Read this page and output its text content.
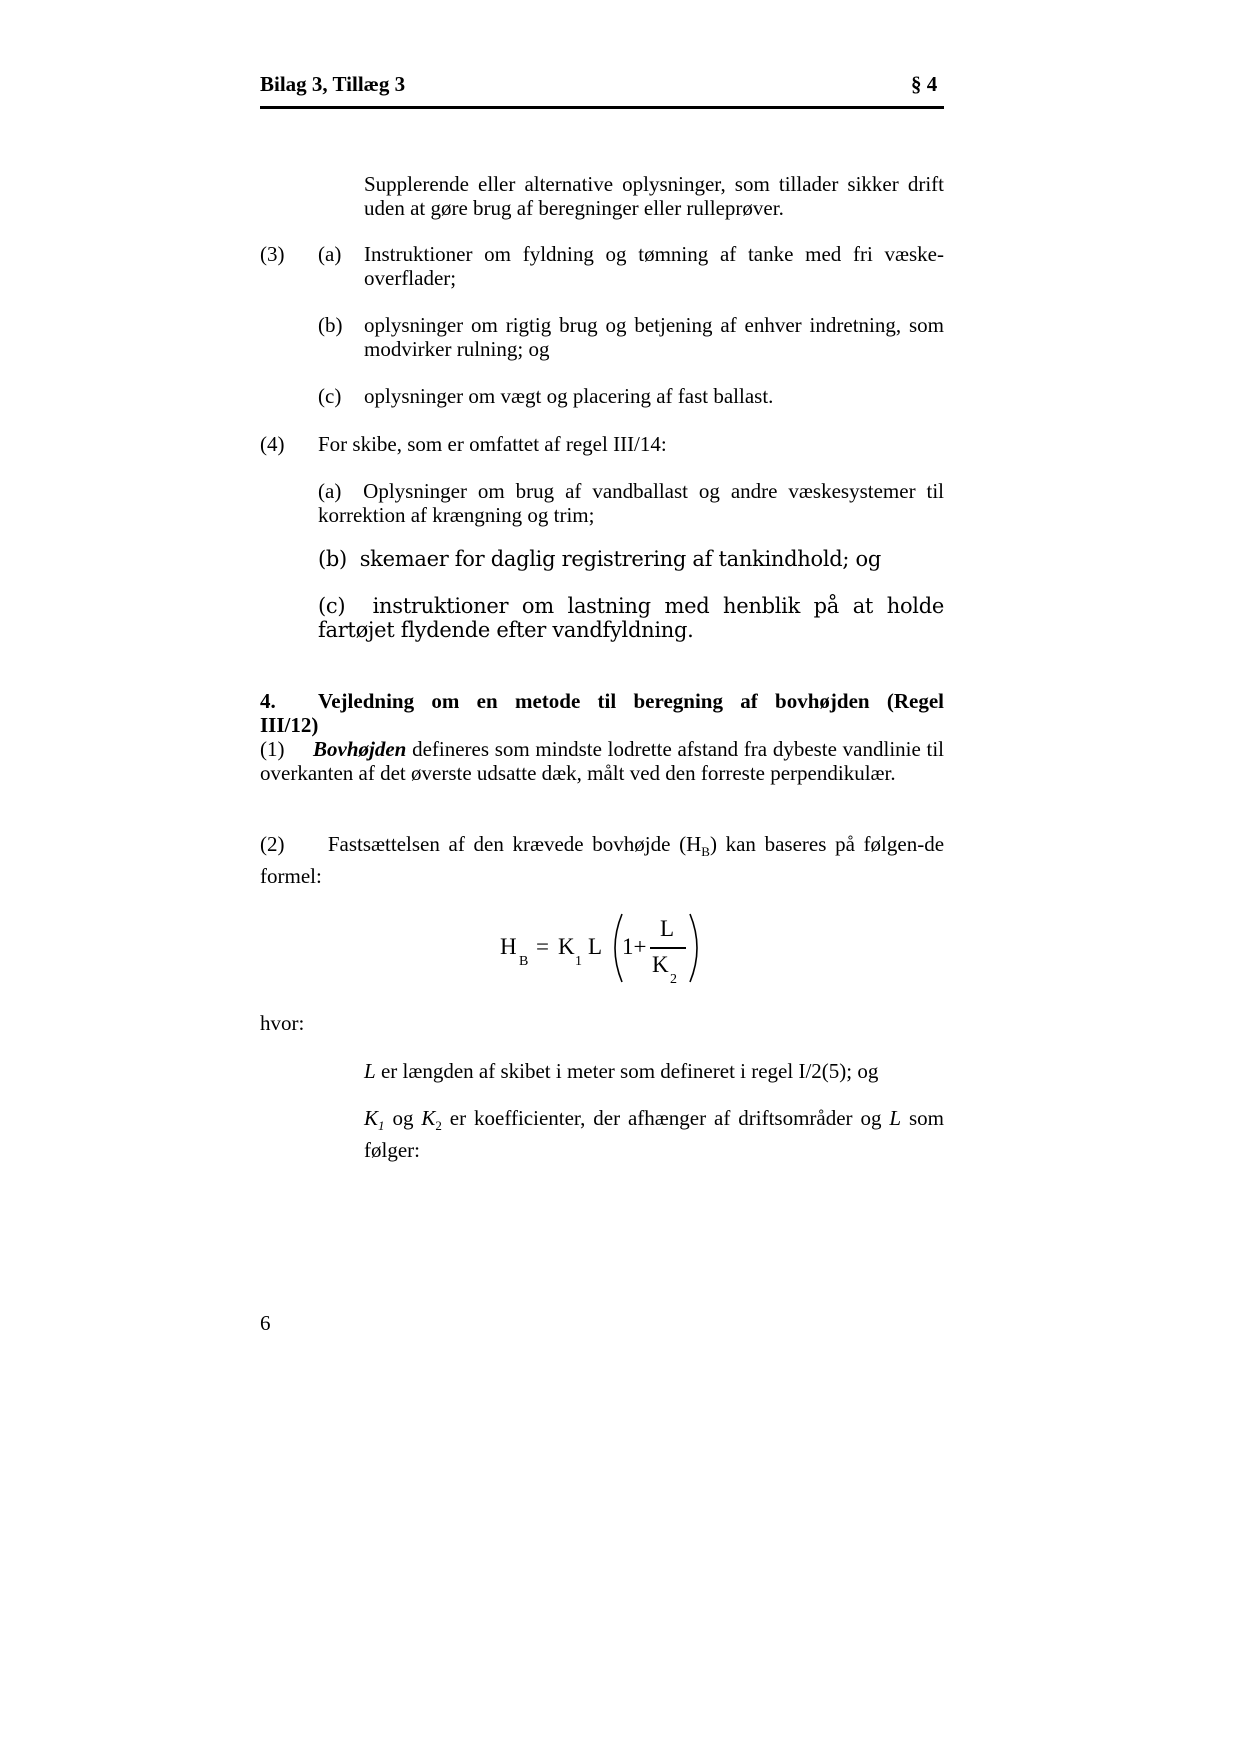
Bilag 3, Tillæg 3	§ 4
Supplerende eller alternative oplysninger, som tillader sikker drift uden at gøre brug af beregninger eller rulleprøver.
(3) (a) Instruktioner om fyldning og tømning af tanke med fri væske-overflader;
(b) oplysninger om rigtig brug og betjening af enhver indretning, som modvirker rulning; og
(c) oplysninger om vægt og placering af fast ballast.
(4) For skibe, som er omfattet af regel III/14:
(a) Oplysninger om brug af vandballast og andre væskesystemer til korrektion af krængning og trim;
(b) skemaer for daglig registrering af tankindhold; og
(c) instruktioner om lastning med henblik på at holde fartøjet flydende efter vandfyldning.
4. Vejledning om en metode til beregning af bovhøjden (Regel
III/12)
(1) Bovhøjden defineres som mindste lodrette afstand fra dybeste vandlinie til overkanten af det øverste udsatte dæk, målt ved den forreste perpendikulær.
(2) Fastsættelsen af den krævede bovhøjde $(H_B)$ kan baseres på følgen-de formel:
H
B
= K
1
L 1+
L
K
2
hvor:
L er længden af skibet i meter som defineret i regel I/2(5); og
$K_1$ og $K_2$ er koefficienter, der afhænger af driftsområder og L som følger:
6
